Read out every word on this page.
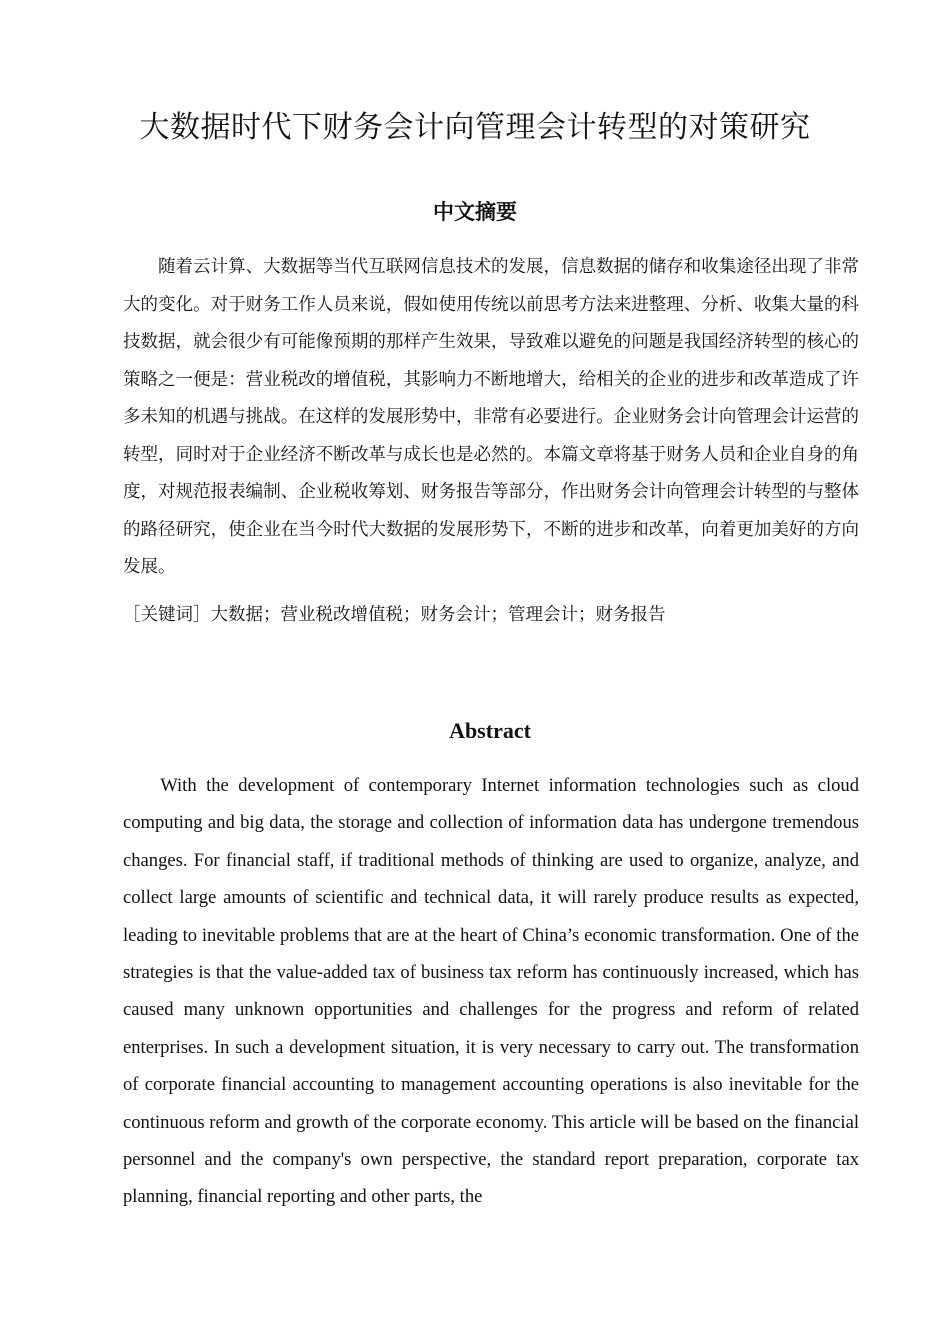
大数据时代下财务会计向管理会计转型的对策研究
中文摘要

随着云计算、大数据等当代互联网信息技术的发展，信息数据的储存和收集途径出现了非常大的变化。对于财务工作人员来说，假如使用传统以前思考方法来进整理、分析、收集大量的科技数据，就会很少有可能像预期的那样产生效果，导致难以避免的问题是我国经济转型的核心的策略之一便是：营业税改的增值税，其影响力不断地增大，给相关的企业的进步和改革造成了许多未知的机遇与挑战。在这样的发展形势中，非常有必要进行。企业财务会计向管理会计运营的转型，同时对于企业经济不断改革与成长也是必然的。本篇文章将基于财务人员和企业自身的角度，对规范报表编制、企业税收筹划、财务报告等部分，作出财务会计向管理会计转型的与整体的路径研究，使企业在当今时代大数据的发展形势下，不断的进步和改革，向着更加美好的方向发展。

［关键词］大数据；营业税改增值税；财务会计；管理会计；财务报告

Abstract

With the development of contemporary Internet information technologies such as cloud computing and big data, the storage and collection of information data has undergone tremendous changes. For financial staff, if traditional methods of thinking are used to organize, analyze, and collect large amounts of scientific and technical data, it will rarely produce results as expected, leading to inevitable problems that are at the heart of China’s economic transformation. One of the strategies is that the value-added tax of business tax reform has continuously increased, which has caused many unknown opportunities and challenges for the progress and reform of related enterprises. In such a development situation, it is very necessary to carry out. The transformation of corporate financial accounting to management accounting operations is also inevitable for the continuous reform and growth of the corporate economy. This article will be based on the financial personnel and the company's own perspective, the standard report preparation, corporate tax planning, financial reporting and other parts, the
